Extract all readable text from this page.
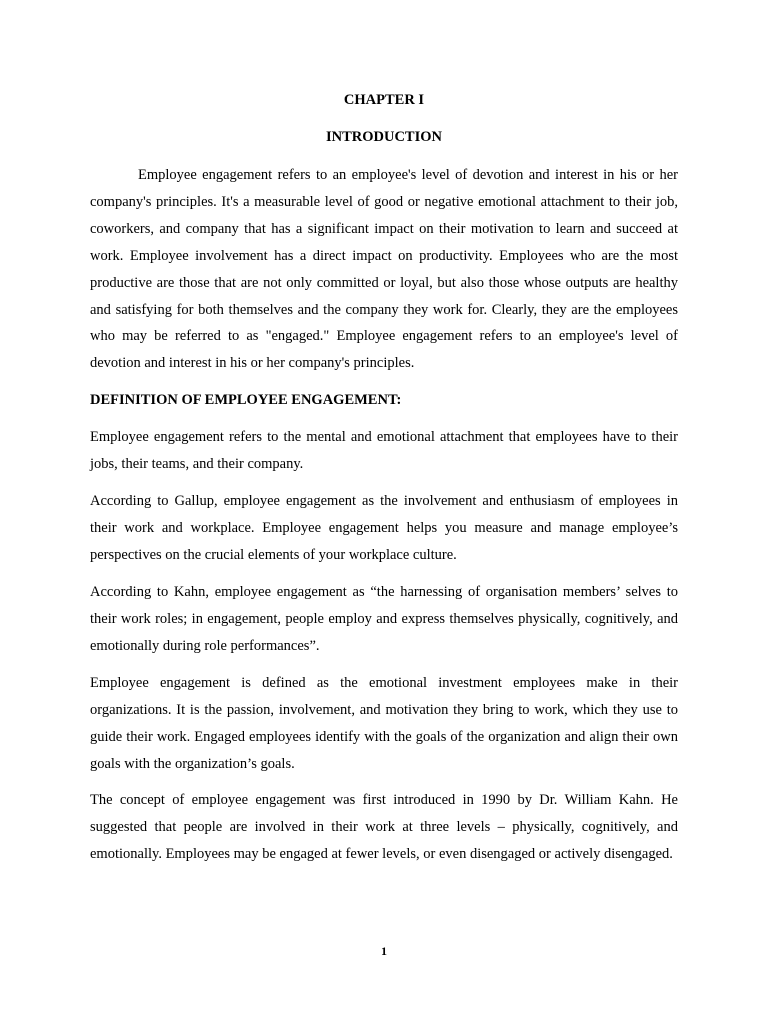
CHAPTER I

INTRODUCTION

Employee engagement refers to an employee's level of devotion and interest in his or her company's principles. It's a measurable level of good or negative emotional attachment to their job, coworkers, and company that has a significant impact on their motivation to learn and succeed at work. Employee involvement has a direct impact on productivity. Employees who are the most productive are those that are not only committed or loyal, but also those whose outputs are healthy and satisfying for both themselves and the company they work for. Clearly, they are the employees who may be referred to as "engaged." Employee engagement refers to an employee's level of devotion and interest in his or her company's principles.

DEFINITION OF EMPLOYEE ENGAGEMENT:

Employee engagement refers to the mental and emotional attachment that employees have to their jobs, their teams, and their company.

According to Gallup, employee engagement as the involvement and enthusiasm of employees in their work and workplace. Employee engagement helps you measure and manage employee’s perspectives on the crucial elements of your workplace culture.

According to Kahn, employee engagement as “the harnessing of organisation members’ selves to their work roles; in engagement, people employ and express themselves physically, cognitively, and emotionally during role performances”.

Employee engagement is defined as the emotional investment employees make in their organizations. It is the passion, involvement, and motivation they bring to work, which they use to guide their work. Engaged employees identify with the goals of the organization and align their own goals with the organization’s goals.

The concept of employee engagement was first introduced in 1990 by Dr. William Kahn. He suggested that people are involved in their work at three levels – physically, cognitively, and emotionally. Employees may be engaged at fewer levels, or even disengaged or actively disengaged.

1
